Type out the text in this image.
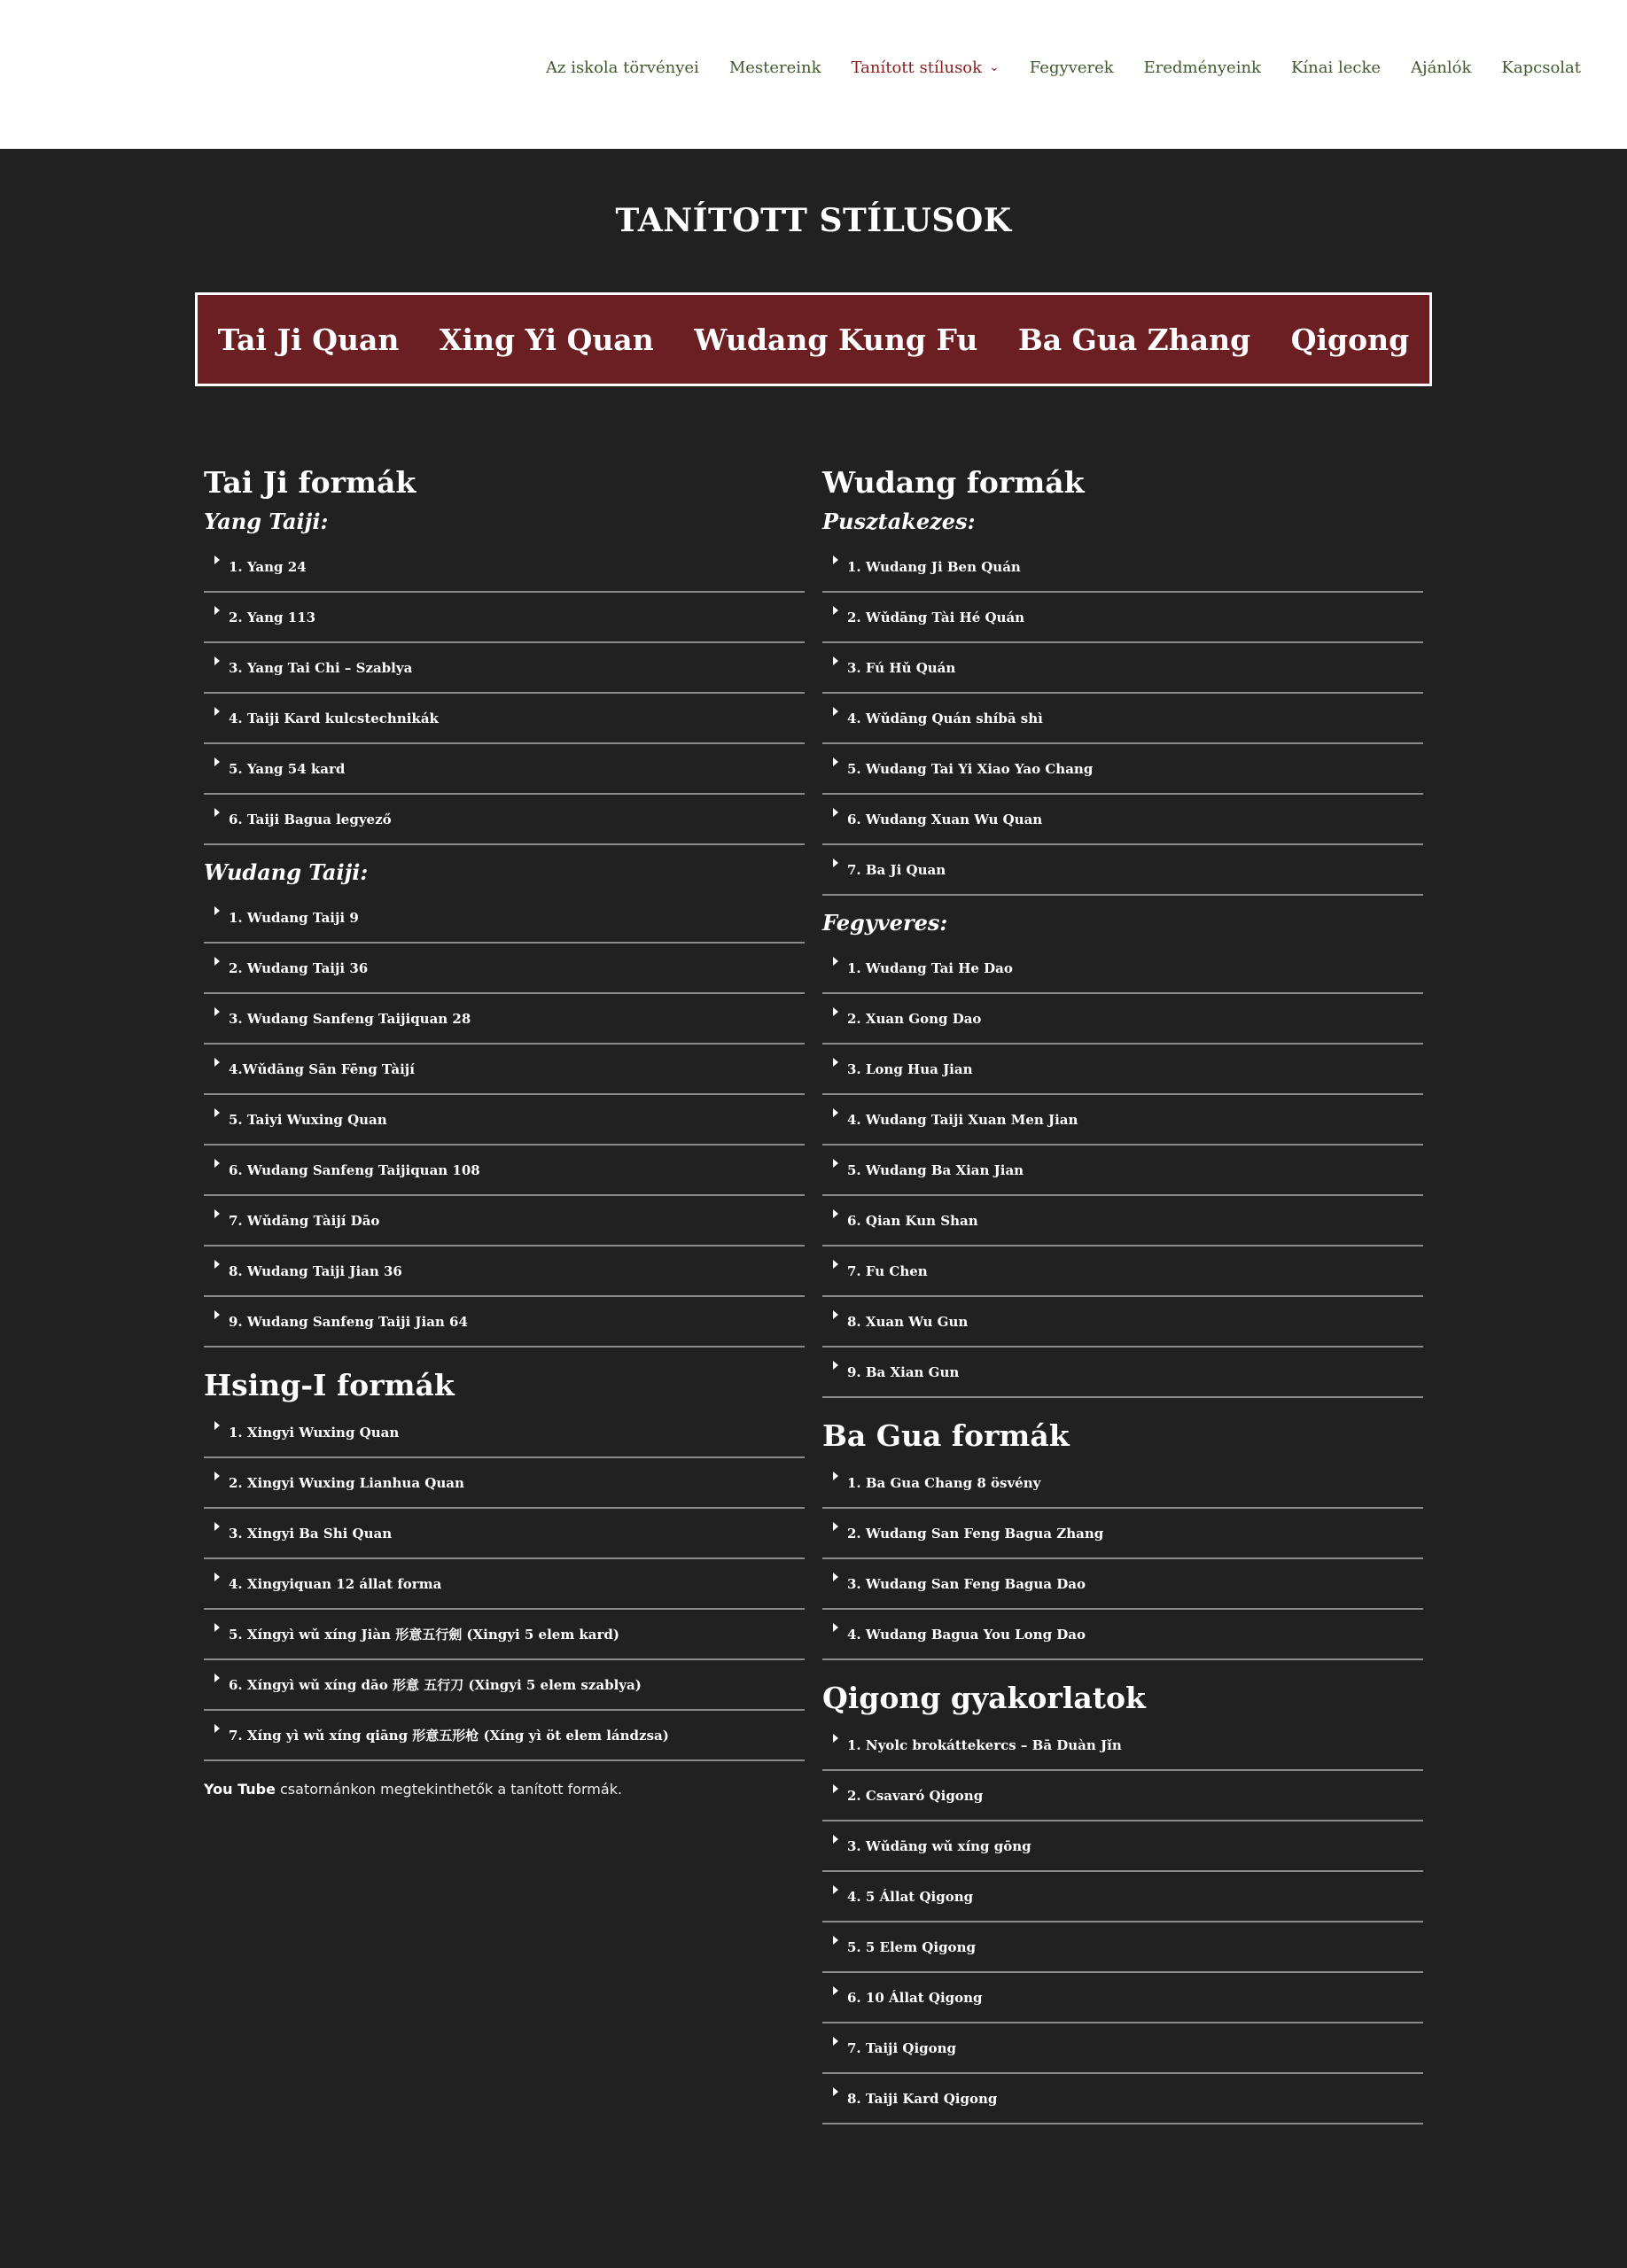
Az iskola törvényei Mestereink Tanított stílusok ⌄ Fegyverek Eredményeink Kínai lecke Ajánlók Kapcsolat
TANÍTOTT STÍLUSOK
Tai Ji Quan Xing Yi Quan Wudang Kung Fu Ba Gua Zhang Qigong
Tai Ji formák
Yang Taiji:
1. Yang 24
2. Yang 113
3. Yang Tai Chi – Szablya
4. Taiji Kard kulcstechnikák
5. Yang 54 kard
6. Taiji Bagua legyező
Wudang Taiji:
1. Wudang Taiji 9
2. Wudang Taiji 36
3. Wudang Sanfeng Taijiquan 28
4.Wǔdāng Sān Fēng Tàijí
5. Taiyi Wuxing Quan
6. Wudang Sanfeng Taijiquan 108
7. Wǔdāng Tàijí Dāo
8. Wudang Taiji Jian 36
9. Wudang Sanfeng Taiji Jian 64
Hsing-I formák
1. Xingyi Wuxing Quan
2. Xingyi Wuxing Lianhua Quan
3. Xingyi Ba Shi Quan
4. Xingyiquan 12 állat forma
5. Xíngyì wǔ xíng Jiàn 形意五行劍 (Xingyi 5 elem kard)
6. Xíngyì wǔ xíng dāo 形意 五行刀 (Xingyi 5 elem szablya)
7. Xíng yì wǔ xíng qiāng 形意五形枪 (Xíng yì öt elem lándzsa)
You Tube csatornánkon megtekinthetők a tanított formák.
Wudang formák
Pusztakezes:
1. Wudang Ji Ben Quán
2. Wǔdāng Tài Hé Quán
3. Fú Hǔ Quán
4. Wǔdāng Quán shíbā shì
5. Wudang Tai Yi Xiao Yao Chang
6. Wudang Xuan Wu Quan
7. Ba Ji Quan
Fegyveres:
1. Wudang Tai He Dao
2. Xuan Gong Dao
3. Long Hua Jian
4. Wudang Taiji Xuan Men Jian
5. Wudang Ba Xian Jian
6. Qian Kun Shan
7. Fu Chen
8. Xuan Wu Gun
9. Ba Xian Gun
Ba Gua formák
1. Ba Gua Chang 8 ösvény
2. Wudang San Feng Bagua Zhang
3. Wudang San Feng Bagua Dao
4. Wudang Bagua You Long Dao
Qigong gyakorlatok
1. Nyolc brokáttekercs – Bā Duàn Jǐn
2. Csavaró Qigong
3. Wǔdāng wǔ xíng gōng
4. 5 Állat Qigong
5. 5 Elem Qigong
6. 10 Állat Qigong
7. Taiji Qigong
8. Taiji Kard Qigong
